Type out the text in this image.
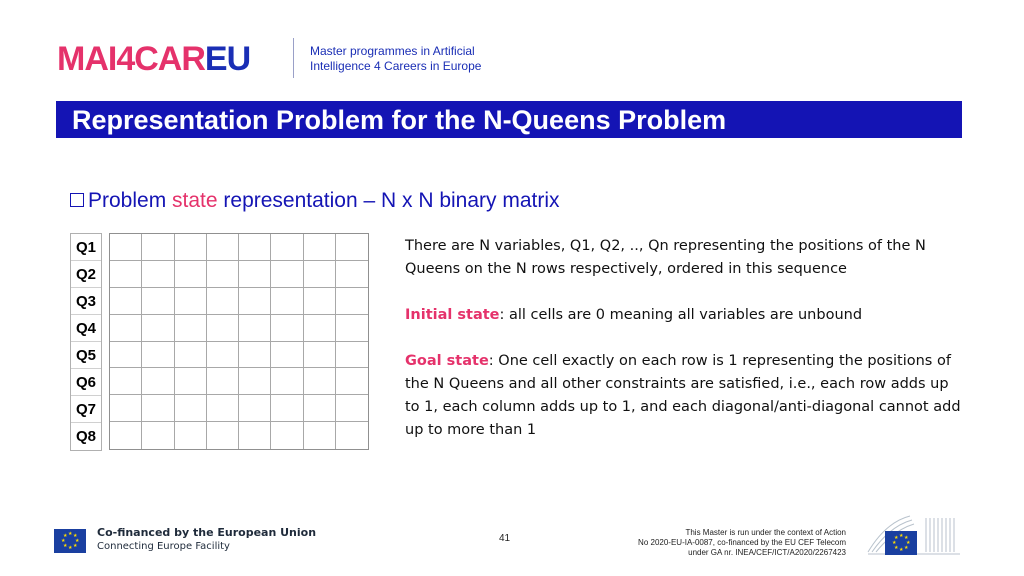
MAI4CAREU	Master programmes in Artificial
Intelligence 4 Careers in Europe
Representation Problem for the N-Queens Problem
Problem state representation – N x N binary matrix
Q1
Q2
Q3
Q4
Q5
Q6
Q7
Q8

There are N variables, Q1, Q2, .., Qn representing the positions of the N Queens on the N rows respectively, ordered in this sequence

Initial state: all cells are 0 meaning all variables are unbound

Goal state: One cell exactly on each row is 1 representing the positions of the N Queens and all other constraints are satisfied, i.e., each row adds up to 1, each column adds up to 1, and each diagonal/anti-diagonal cannot add up to more than 1

★ ★
★
★
★
★
★
★	Co-financed by the European Union
Connecting Europe Facility
41
This Master is run under the context of Action
No 2020-EU-IA-0087, co-financed by the EU CEF Telecom
under GA nr. INEA/CEF/ICT/A2020/2267423
★ ★
★
★
★
★
★
★
